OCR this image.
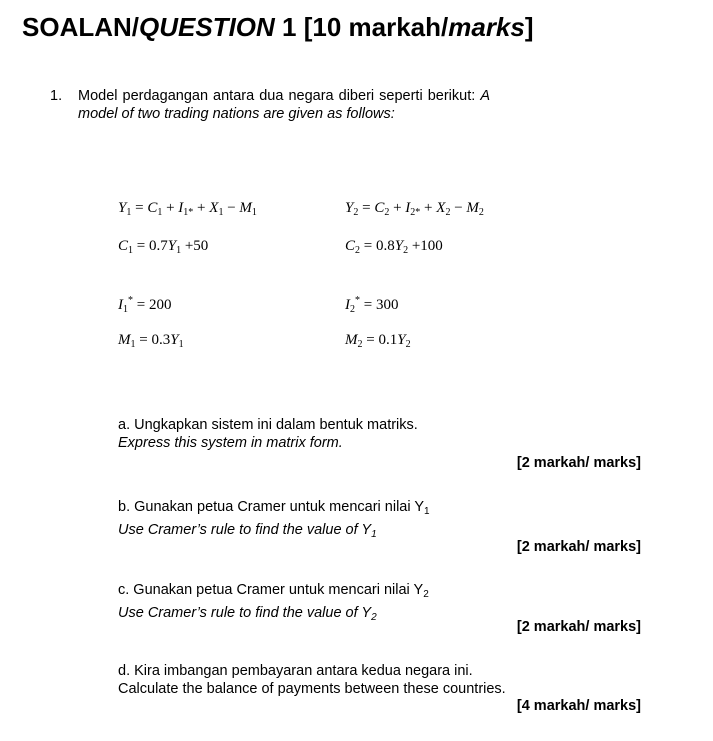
SOALAN/QUESTION 1 [10 markah/marks]
1. Model perdagangan antara dua negara diberi seperti berikut: A model of two trading nations are given as follows:
$Y_1 = C_1 + I_{1*} + X_1 - M_1$	$Y_2 = C_2 + I_{2*} + X_2 - M_2$
$C_1 = 0.7Y_1 +50$	$C_2 = 0.8Y_2 +100$
$I_1^* = 200$	$I_2^* = 300$
$M_1 = 0.3Y_1$	$M_2 = 0.1Y_2$
a. Ungkapkan sistem ini dalam bentuk matriks.
Express this system in matrix form.
[2 markah/ marks]
b. Gunakan petua Cramer untuk mencari nilai $Y_1$
Use Cramer’s rule to find the value of $Y_1$
[2 markah/ marks]
c. Gunakan petua Cramer untuk mencari nilai $Y_2$
Use Cramer’s rule to find the value of $Y_2$
[2 markah/ marks]
d. Kira imbangan pembayaran antara kedua negara ini.
Calculate the balance of payments between these countries.
[4 markah/ marks]
